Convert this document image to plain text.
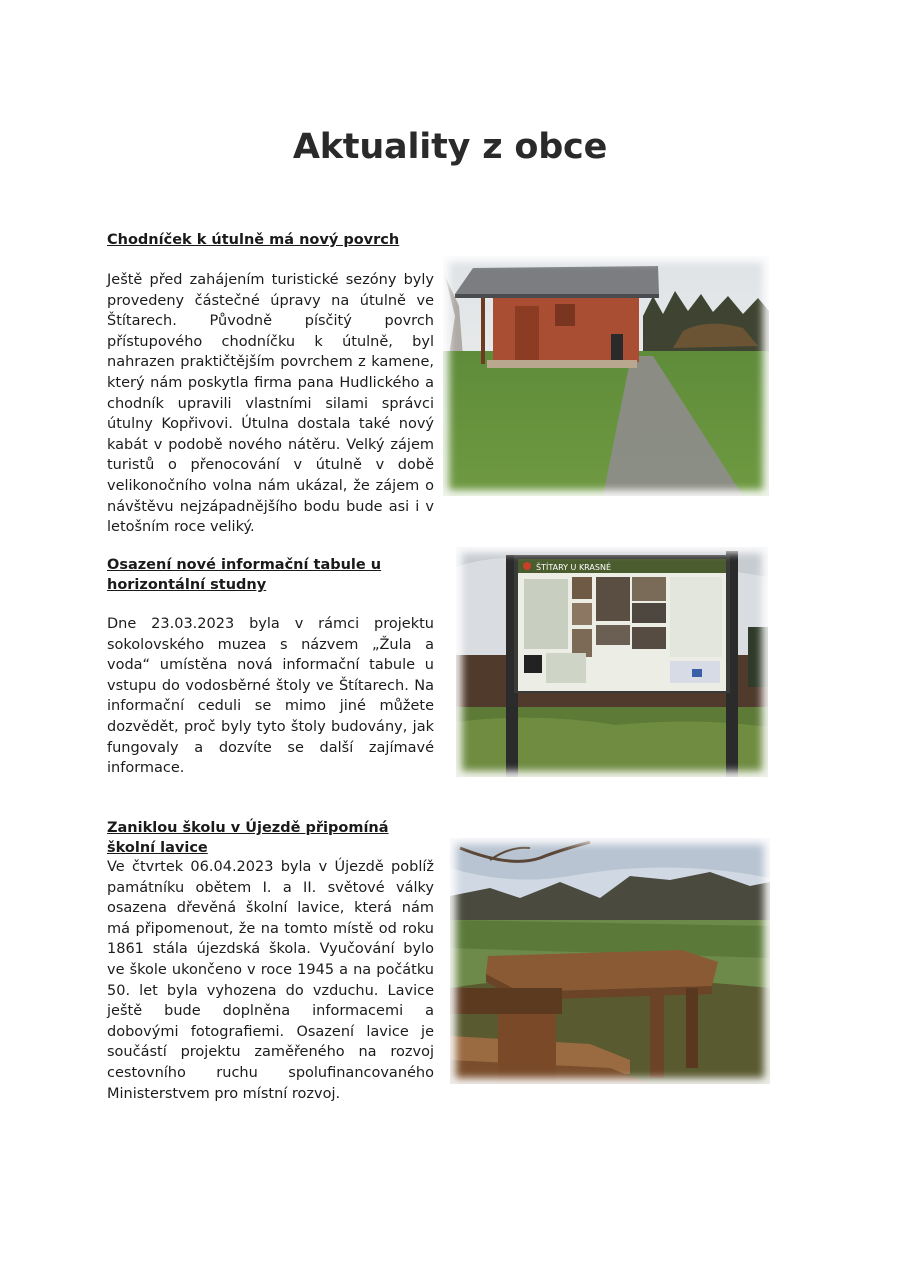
Aktuality z obce
Chodníček k útulně má nový povrch
Ještě před zahájením turistické sezóny byly provedeny částečné úpravy na útulně ve Štítarech. Původně písčitý povrch přístupového chodníčku k útulně, byl nahrazen praktičtějším povrchem z kamene, který nám poskytla firma pana Hudlického a chodník upravili vlastními silami správci útulny Kopřivovi. Útulna dostala také nový kabát v podobě nového nátěru. Velký zájem turistů o přenocování v útulně v době velikonočního volna nám ukázal, že zájem o návštěvu nejzápadnějšího bodu bude asi i v letošním roce veliký.
Osazení nové informační tabule u horizontální studny
Dne 23.03.2023 byla v rámci projektu sokolovského muzea s názvem „Žula a voda“ umístěna nová informační tabule u vstupu do vodosběrné štoly ve Štítarech. Na informační ceduli se mimo jiné můžete dozvědět, proč byly tyto štoly budovány, jak fungovaly a dozvíte se další zajímavé informace.
ŠTÍTARY U KRASNÉ
Zaniklou školu v Újezdě připomíná školní lavice
Ve čtvrtek 06.04.2023 byla v Újezdě poblíž památníku obětem I. a II. světové války osazena dřevěná školní lavice, která nám má připomenout, že na tomto místě od roku 1861 stála újezdská škola. Vyučování bylo ve škole ukončeno v roce 1945 a na počátku 50. let byla vyhozena do vzduchu. Lavice ještě bude doplněna informacemi a dobovými fotografiemi. Osazení lavice je součástí projektu zaměřeného na rozvoj cestovního ruchu spolufinancovaného Ministerstvem pro místní rozvoj.
